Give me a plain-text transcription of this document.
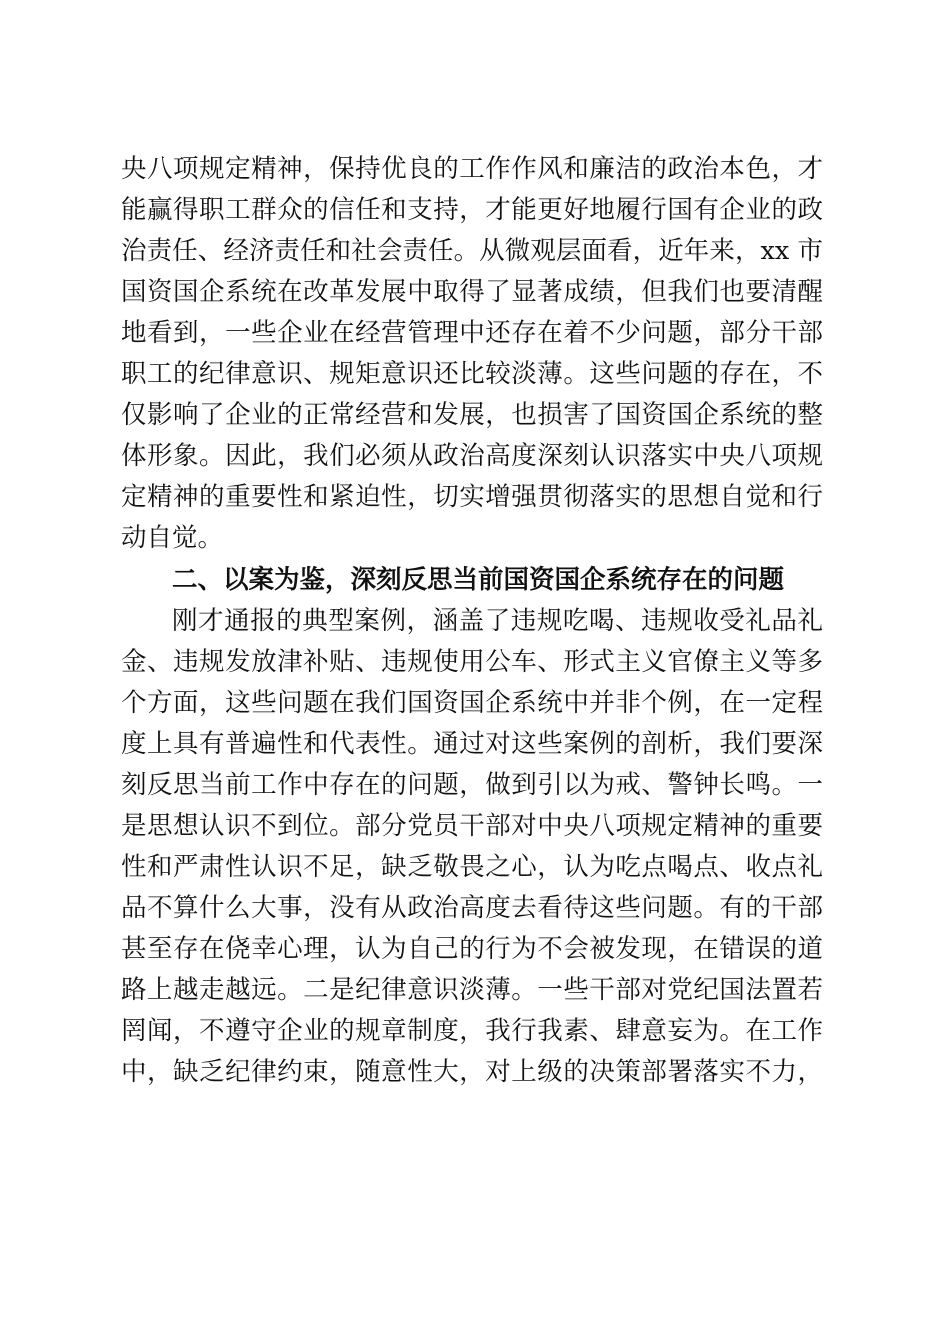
央八项规定精神，保持优良的工作作风和廉洁的政治本色，才
能赢得职工群众的信任和支持，才能更好地履行国有企业的政
治责任、经济责任和社会责任。从微观层面看，近年来，xx 市
国资国企系统在改革发展中取得了显著成绩，但我们也要清醒
地看到，一些企业在经营管理中还存在着不少问题，部分干部
职工的纪律意识、规矩意识还比较淡薄。这些问题的存在，不
仅影响了企业的正常经营和发展，也损害了国资国企系统的整
体形象。因此，我们必须从政治高度深刻认识落实中央八项规
定精神的重要性和紧迫性，切实增强贯彻落实的思想自觉和行
动自觉。
二、以案为鉴，深刻反思当前国资国企系统存在的问题
刚才通报的典型案例，涵盖了违规吃喝、违规收受礼品礼
金、违规发放津补贴、违规使用公车、形式主义官僚主义等多
个方面，这些问题在我们国资国企系统中并非个例，在一定程
度上具有普遍性和代表性。通过对这些案例的剖析，我们要深
刻反思当前工作中存在的问题，做到引以为戒、警钟长鸣。一
是思想认识不到位。部分党员干部对中央八项规定精神的重要
性和严肃性认识不足，缺乏敬畏之心，认为吃点喝点、收点礼
品不算什么大事，没有从政治高度去看待这些问题。有的干部
甚至存在侥幸心理，认为自己的行为不会被发现，在错误的道
路上越走越远。二是纪律意识淡薄。一些干部对党纪国法置若
罔闻，不遵守企业的规章制度，我行我素、肆意妄为。在工作
中，缺乏纪律约束，随意性大，对上级的决策部署落实不力，
